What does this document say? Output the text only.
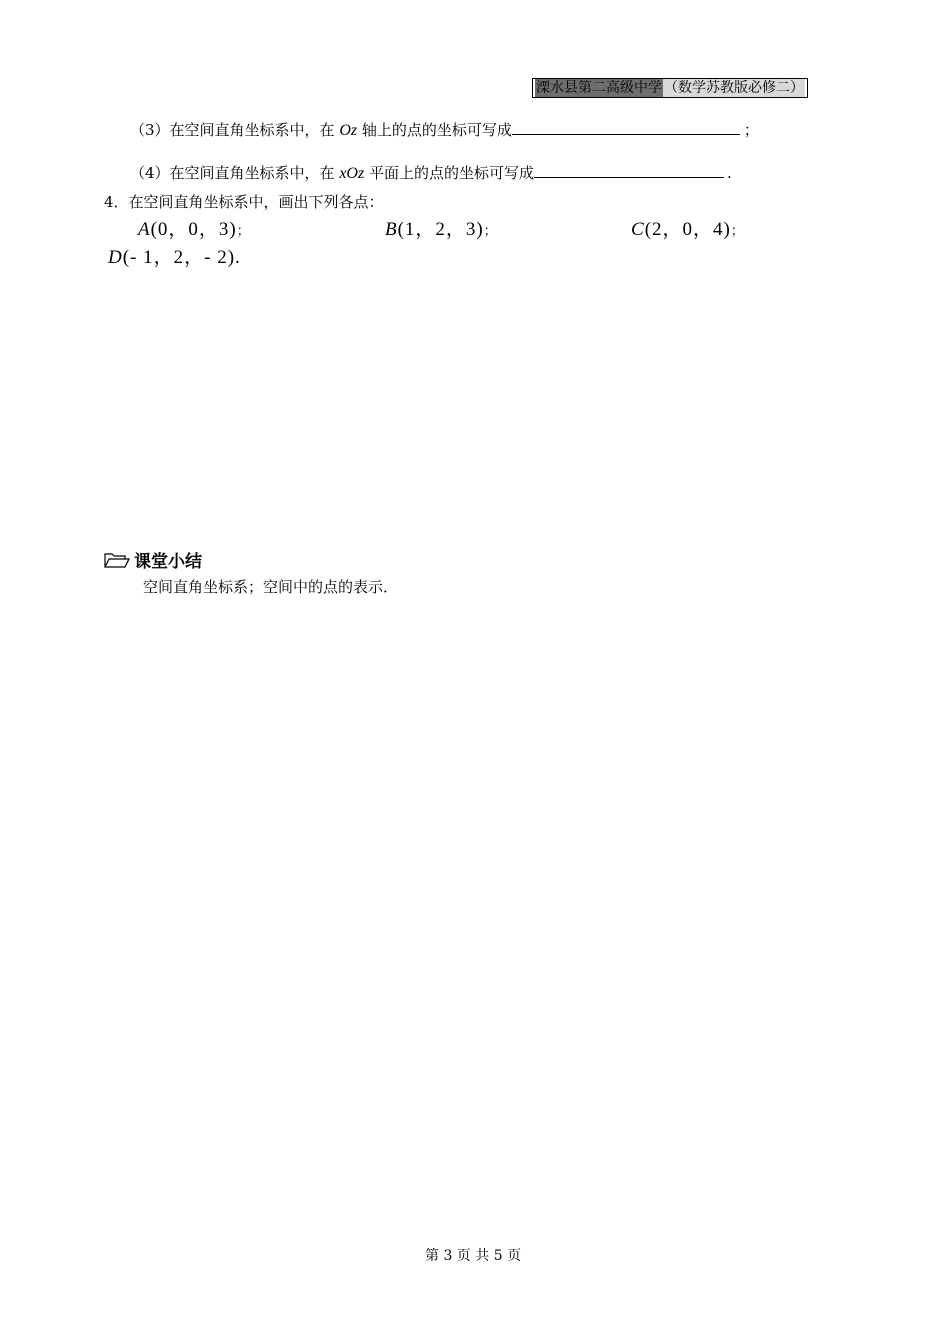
溧水县第二高级中学 （数学苏教版必修二）
（3）在空间直角坐标系中，在 Oz 轴上的点的坐标可写成	；
（4）在空间直角坐标系中，在 xOz 平面上的点的坐标可写成	.
4．在空间直角坐标系中，画出下列各点：
A(0，0，3)；	B(1，2，3)；	C(2，0，4)；
D(- 1，2，- 2).
课堂小结
空间直角坐标系；空间中的点的表示．
第 3 页 共 5 页
